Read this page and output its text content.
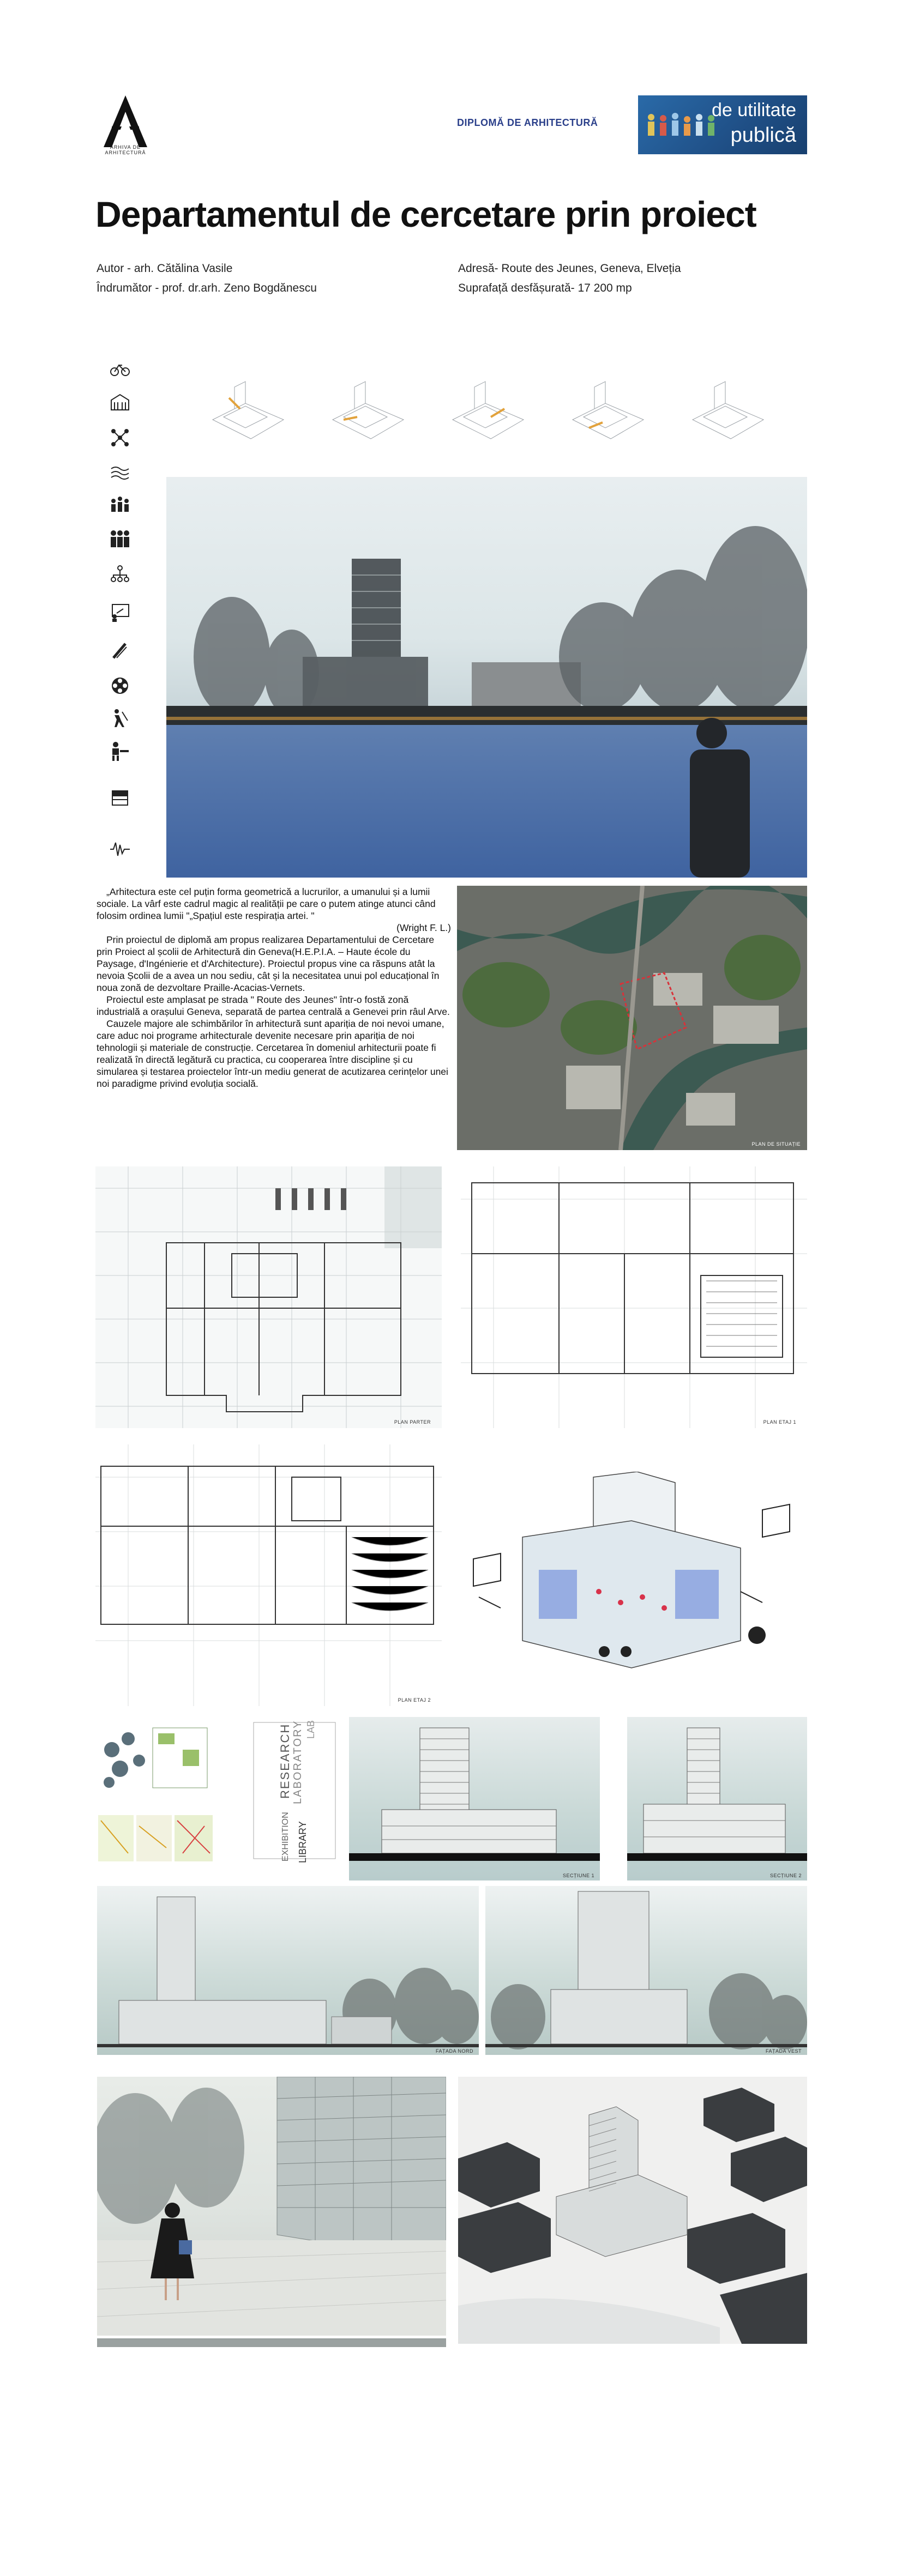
ARHIVA DE ARHITECTURĂ
DIPLOMĂ DE ARHITECTURĂ
de utilitate
publică
Departamentul de cercetare prin proiect
Autor - arh. Cătălina Vasile
Îndrumător - prof. dr.arh. Zeno Bogdănescu
Adresă- Route des Jeunes, Geneva, Elveția
Suprafață desfășurată- 17 200 mp

„Arhitectura este cel puțin forma geometrică a lucrurilor, a umanului și a lumii sociale. La vârf este cadrul magic al realității pe care o putem atinge atunci când folosim ordinea lumii "„Spațiul este respirația artei. "

(Wright F. L.)

Prin proiectul de diplomă am propus realizarea Departamentului de Cercetare prin Proiect al școlii de Arhitectură din Geneva(H.E.P.I.A. – Haute école du Paysage, d'Ingénierie et d'Architecture). Proiectul propus vine ca răspuns atât la nevoia Școlii de a avea un nou sediu, cât și la necesitatea unui pol educațional în noua zonă de dezvoltare Praille-Acacias-Vernets.

Proiectul este amplasat pe strada " Route des Jeunes" într-o fostă zonă industrială a orașului Geneva, separată de partea centrală a Genevei prin râul Arve.

Cauzele majore ale schimbărilor în arhitectură sunt apariția de noi nevoi umane, care aduc noi programe arhitecturale devenite necesare prin apariția de noi tehnologii și materiale de construcție. Cercetarea în domeniul arhitecturii poate fi realizată în directă legătură cu practica, cu cooperarea între discipline și cu simularea și testarea proiectelor într-un mediu generat de acutizarea cerințelor unei noi paradigme privind evoluția socială.

PLAN DE SITUAȚIE
PLAN PARTER	PLAN ETAJ 1
PLAN ETAJ 2
RESEARCH LABORATORY LAB
EXHIBITION LIBRARY
SECȚIUNE 1	SECȚIUNE 2
FAȚADA NORD	FAȚADA VEST
